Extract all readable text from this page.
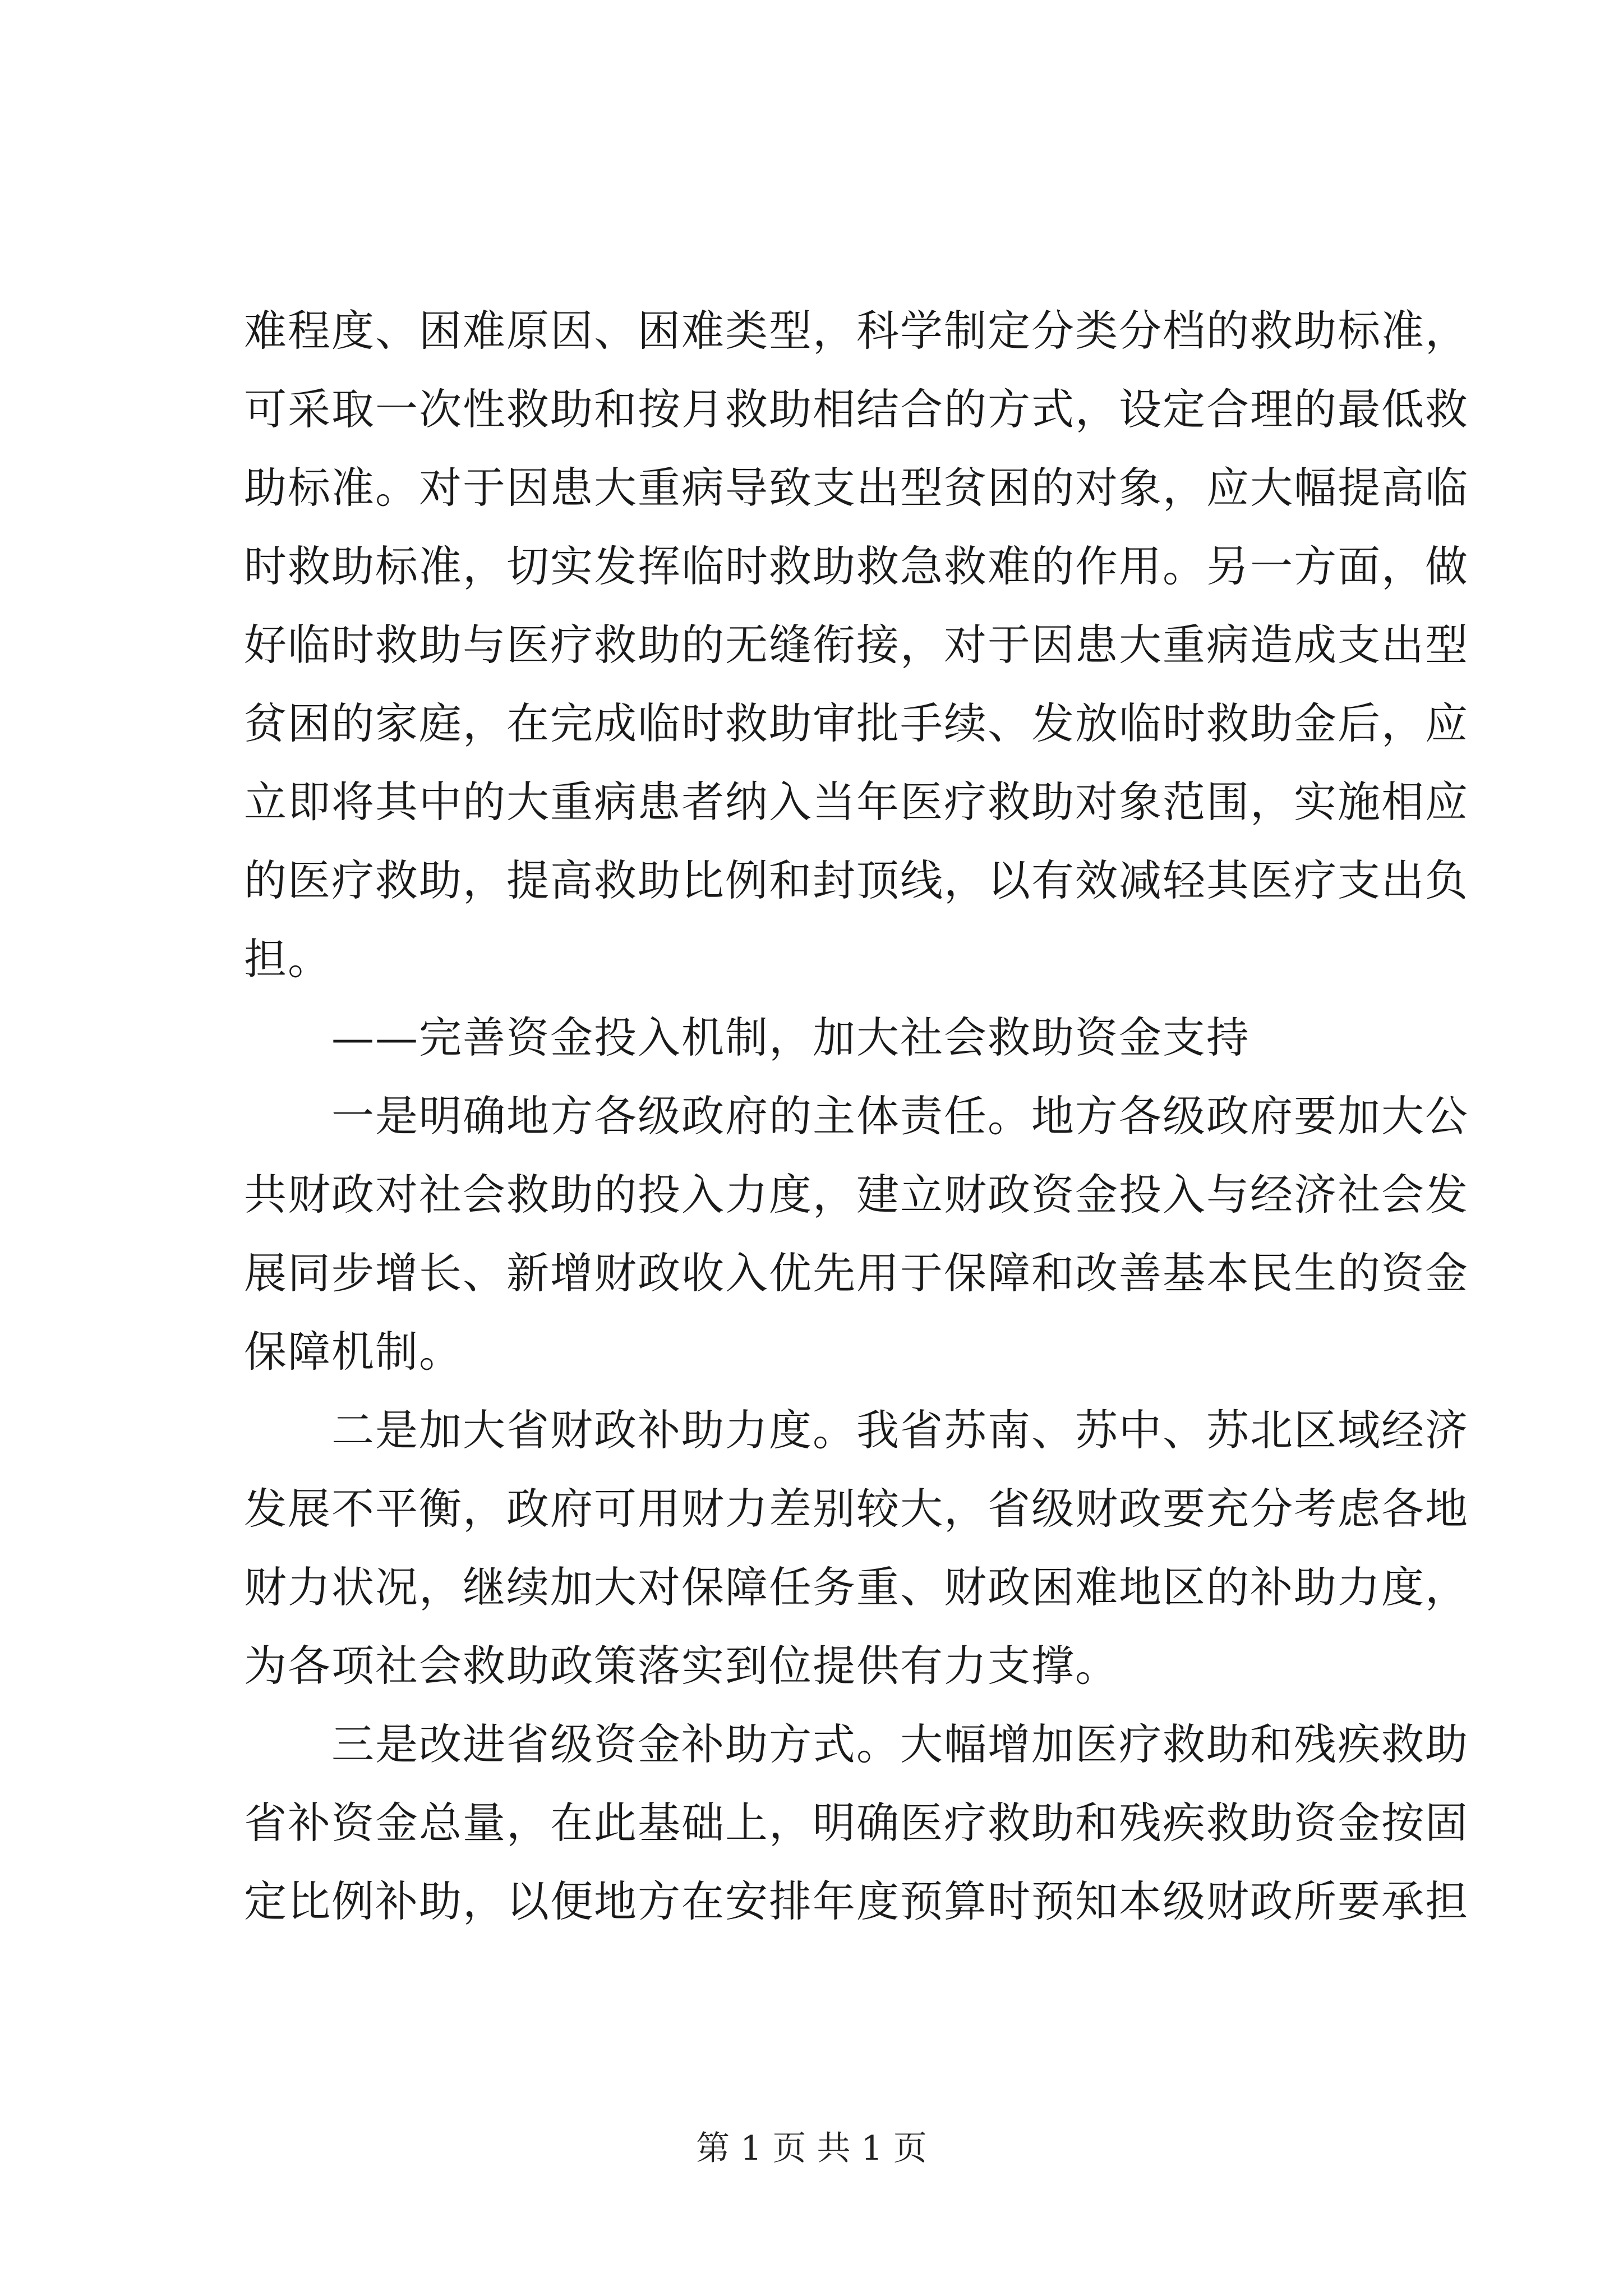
难程度、困难原因、困难类型，科学制定分类分档的救助标准，
可采取一次性救助和按月救助相结合的方式，设定合理的最低救
助标准。对于因患大重病导致支出型贫困的对象，应大幅提高临
时救助标准，切实发挥临时救助救急救难的作用。另一方面，做
好临时救助与医疗救助的无缝衔接，对于因患大重病造成支出型
贫困的家庭，在完成临时救助审批手续、发放临时救助金后，应
立即将其中的大重病患者纳入当年医疗救助对象范围，实施相应
的医疗救助，提高救助比例和封顶线，以有效减轻其医疗支出负
担。
——完善资金投入机制，加大社会救助资金支持
一是明确地方各级政府的主体责任。地方各级政府要加大公
共财政对社会救助的投入力度，建立财政资金投入与经济社会发
展同步增长、新增财政收入优先用于保障和改善基本民生的资金
保障机制。
二是加大省财政补助力度。我省苏南、苏中、苏北区域经济
发展不平衡，政府可用财力差别较大，省级财政要充分考虑各地
财力状况，继续加大对保障任务重、财政困难地区的补助力度，
为各项社会救助政策落实到位提供有力支撑。
三是改进省级资金补助方式。大幅增加医疗救助和残疾救助
省补资金总量，在此基础上，明确医疗救助和残疾救助资金按固
定比例补助，以便地方在安排年度预算时预知本级财政所要承担
第 1 页 共 1 页
